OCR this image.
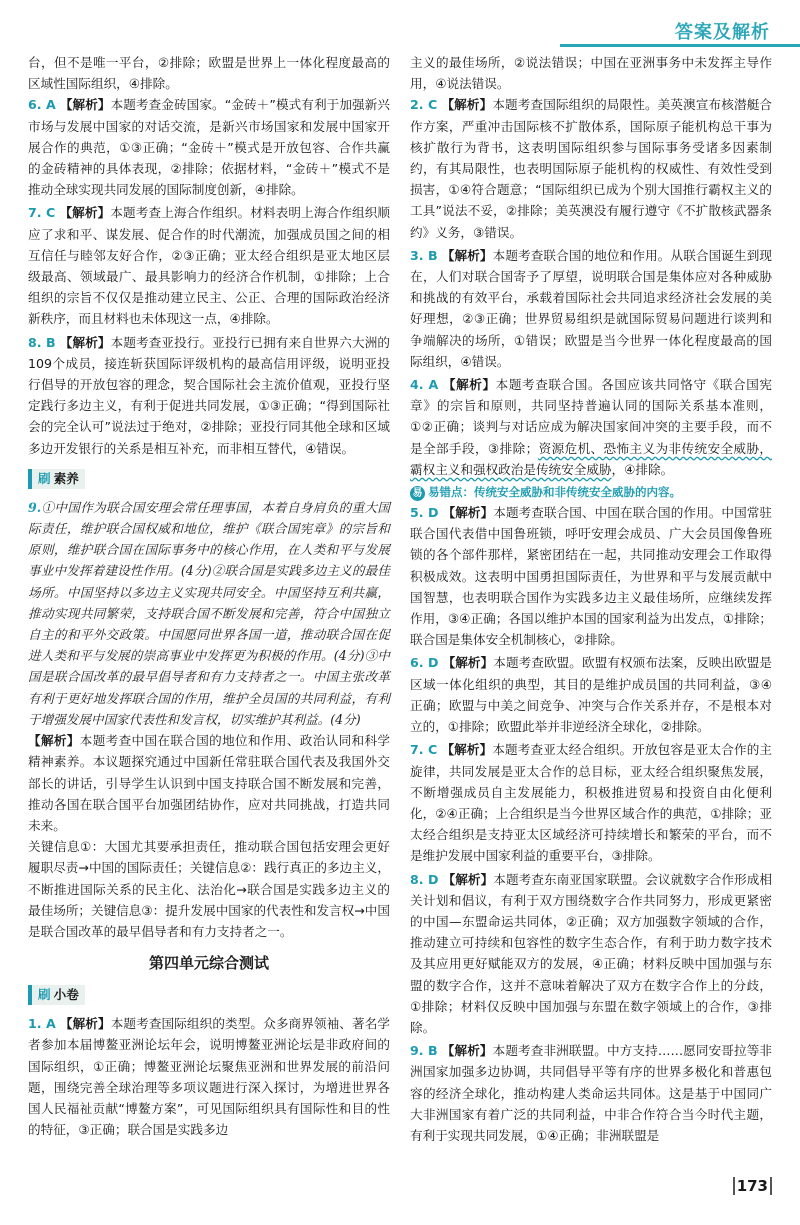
答案及解析

台，但不是唯一平台，②排除；欧盟是世界上一体化程度最高的区域性国际组织，④排除。

6. A 【解析】本题考查金砖国家。“金砖＋”模式有利于加强新兴市场与发展中国家的对话交流，是新兴市场国家和发展中国家开展合作的典范，①③正确；“金砖＋”模式是开放包容、合作共赢的金砖精神的具体表现，②排除；依据材料，“金砖＋”模式不是推动全球实现共同发展的国际制度创新，④排除。

7. C 【解析】本题考查上海合作组织。材料表明上海合作组织顺应了求和平、谋发展、促合作的时代潮流，加强成员国之间的相互信任与睦邻友好合作，②③正确；亚太经合组织是亚太地区层级最高、领域最广、最具影响力的经济合作机制，①排除；上合组织的宗旨不仅仅是推动建立民主、公正、合理的国际政治经济新秩序，而且材料也未体现这一点，④排除。

8. B 【解析】本题考查亚投行。亚投行已拥有来自世界六大洲的109个成员，接连斩获国际评级机构的最高信用评级，说明亚投行倡导的开放包容的理念，契合国际社会主流价值观，亚投行坚定践行多边主义，有利于促进共同发展，①③正确；“得到国际社会的完全认可”说法过于绝对，②排除；亚投行同其他全球和区域多边开发银行的关系是相互补充，而非相互替代，④错误。

刷 素养

9.①中国作为联合国安理会常任理事国，本着自身肩负的重大国际责任，维护联合国权威和地位，维护《联合国宪章》的宗旨和原则，维护联合国在国际事务中的核心作用，在人类和平与发展事业中发挥着建设性作用。(4分)②联合国是实践多边主义的最佳场所。中国坚持以多边主义实现共同安全。中国坚持互利共赢，推动实现共同繁荣，支持联合国不断发展和完善，符合中国独立自主的和平外交政策。中国愿同世界各国一道，推动联合国在促进人类和平与发展的崇高事业中发挥更为积极的作用。(4分)③中国是联合国改革的最早倡导者和有力支持者之一。中国主张改革有利于更好地发挥联合国的作用，维护全员国的共同利益，有利于增强发展中国家代表性和发言权，切实维护其利益。(4分)

【解析】本题考查中国在联合国的地位和作用、政治认同和科学精神素养。本议题探究通过中国新任常驻联合国代表及我国外交部长的讲话，引导学生认识到中国支持联合国不断发展和完善，推动各国在联合国平台加强团结协作，应对共同挑战，打造共同未来。

关键信息①：大国尤其要承担责任，推动联合国包括安理会更好履职尽责→中国的国际责任；关键信息②：践行真正的多边主义，不断推进国际关系的民主化、法治化→联合国是实践多边主义的最佳场所；关键信息③：提升发展中国家的代表性和发言权→中国是联合国改革的最早倡导者和有力支持者之一。

第四单元综合测试
刷 小卷

1. A 【解析】本题考查国际组织的类型。众多商界领袖、著名学者参加本届博鳌亚洲论坛年会，说明博鳌亚洲论坛是非政府间的国际组织，①正确；博鳌亚洲论坛聚焦亚洲和世界发展的前沿问题，围绕完善全球治理等多项议题进行深入探讨，为增进世界各国人民福祉贡献“博鳌方案”，可见国际组织具有国际性和目的性的特征，③正确；联合国是实践多边

主义的最佳场所，②说法错误；中国在亚洲事务中未发挥主导作用，④说法错误。

2. C 【解析】本题考查国际组织的局限性。美英澳宣布核潜艇合作方案，严重冲击国际核不扩散体系，国际原子能机构总干事为核扩散行为背书，这表明国际组织参与国际事务受诸多因素制约，有其局限性，也表明国际原子能机构的权威性、有效性受到损害，①④符合题意；“国际组织已成为个别大国推行霸权主义的工具”说法不妥，②排除；美英澳没有履行遵守《不扩散核武器条约》义务，③错误。

3. B 【解析】本题考查联合国的地位和作用。从联合国诞生到现在，人们对联合国寄予了厚望，说明联合国是集体应对各种威胁和挑战的有效平台，承载着国际社会共同追求经济社会发展的美好理想，②③正确；世界贸易组织是就国际贸易问题进行谈判和争端解决的场所，①错误；欧盟是当今世界一体化程度最高的国际组织，④错误。

4. A 【解析】本题考查联合国。各国应该共同恪守《联合国宪章》的宗旨和原则，共同坚持普遍认同的国际关系基本准则，①②正确；谈判与对话应成为解决国家间冲突的主要手段，而不是全部手段，③排除；资源危机、恐怖主义为非传统安全威胁，霸权主义和强权政治是传统安全威胁，④排除。

易 易错点：传统安全威胁和非传统安全威胁的内容。

5. D 【解析】本题考查联合国、中国在联合国的作用。中国常驻联合国代表借中国鲁班锁，呼吁安理会成员、广大会员国像鲁班锁的各个部件那样，紧密团结在一起，共同推动安理会工作取得积极成效。这表明中国勇担国际责任，为世界和平与发展贡献中国智慧，也表明联合国作为实践多边主义最佳场所，应继续发挥作用，③④正确；各国以维护本国的国家利益为出发点，①排除；联合国是集体安全机制核心，②排除。

6. D 【解析】本题考查欧盟。欧盟有权颁布法案，反映出欧盟是区域一体化组织的典型，其目的是维护成员国的共同利益，③④正确；欧盟与中美之间竞争、冲突与合作关系并存，不是根本对立的，①排除；欧盟此举并非逆经济全球化，②排除。

7. C 【解析】本题考查亚太经合组织。开放包容是亚太合作的主旋律，共同发展是亚太合作的总目标，亚太经合组织聚焦发展，不断增强成员自主发展能力，积极推进贸易和投资自由化便利化，②④正确；上合组织是当今世界区域合作的典范，①排除；亚太经合组织是支持亚太区域经济可持续增长和繁荣的平台，而不是维护发展中国家利益的重要平台，③排除。

8. D 【解析】本题考查东南亚国家联盟。会议就数字合作形成相关计划和倡议，有利于双方围绕数字合作共同努力，形成更紧密的中国—东盟命运共同体，②正确；双方加强数字领域的合作，推动建立可持续和包容性的数字生态合作，有利于助力数字技术及其应用更好赋能双方的发展，④正确；材料反映中国加强与东盟的数字合作，这并不意味着解决了双方在数字合作上的分歧，①排除；材料仅反映中国加强与东盟在数字领域上的合作，③排除。

9. B 【解析】本题考查非洲联盟。中方支持……愿同安哥拉等非洲国家加强多边协调，共同倡导平等有序的世界多极化和普惠包容的经济全球化，推动构建人类命运共同体。这是基于中国同广大非洲国家有着广泛的共同利益，中非合作符合当今时代主题，有利于实现共同发展，①④正确；非洲联盟是

173
